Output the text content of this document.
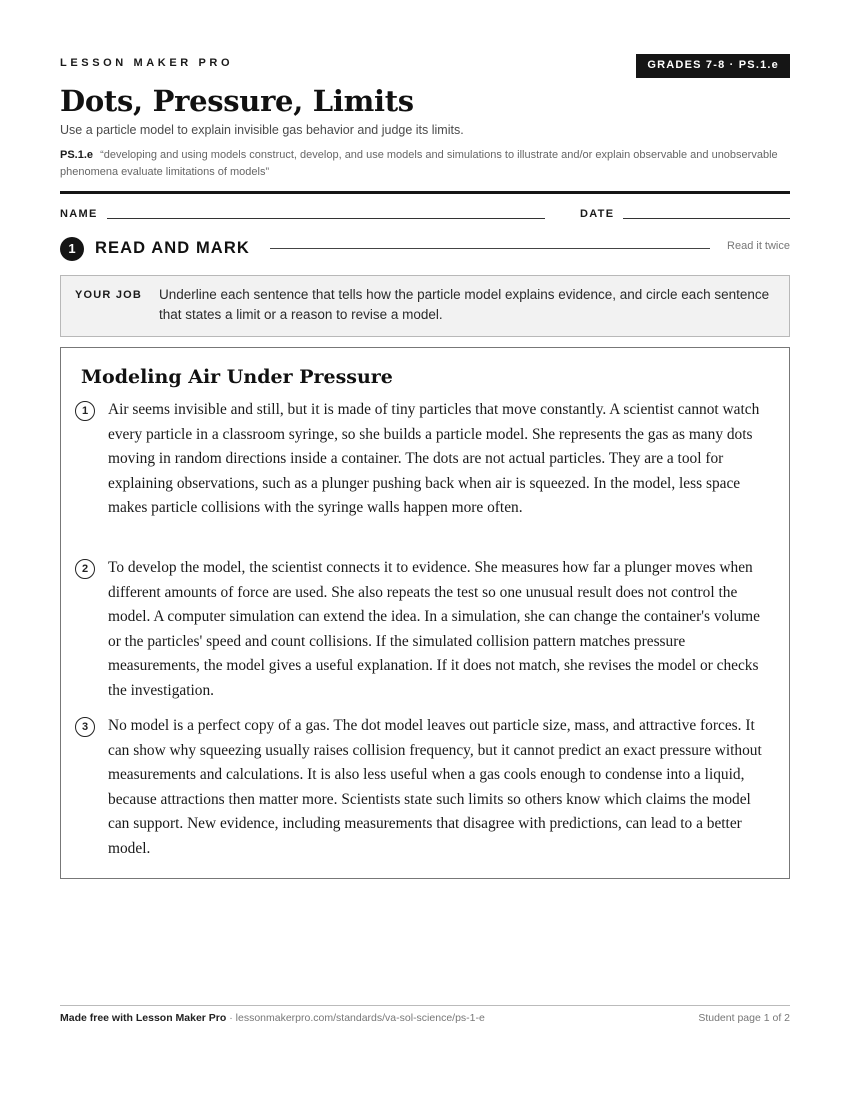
LESSON MAKER PRO	GRADES 7-8 · PS.1.e
Dots, Pressure, Limits
Use a particle model to explain invisible gas behavior and judge its limits.
PS.1.e “developing and using models construct, develop, and use models and simulations to illustrate and/or explain observable and unobservable phenomena evaluate limitations of models”
NAME	DATE
1	READ AND MARK	Read it twice
YOUR JOB Underline each sentence that tells how the particle model explains evidence, and circle each sentence that states a limit or a reason to revise a model.
Modeling Air Under Pressure
1	Air seems invisible and still, but it is made of tiny particles that move constantly. A scientist cannot watch every particle in a classroom syringe, so she builds a particle model. She represents the gas as many dots moving in random directions inside a container. The dots are not actual particles. They are a tool for explaining observations, such as a plunger pushing back when air is squeezed. In the model, less space makes particle collisions with the syringe walls happen more often.

2	To develop the model, the scientist connects it to evidence. She measures how far a plunger moves when different amounts of force are used. She also repeats the test so one unusual result does not control the model. A computer simulation can extend the idea. In a simulation, she can change the container's volume or the particles' speed and count collisions. If the simulated collision pattern matches pressure measurements, the model gives a useful explanation. If it does not match, she revises the model or checks the investigation.

3	No model is a perfect copy of a gas. The dot model leaves out particle size, mass, and attractive forces. It can show why squeezing usually raises collision frequency, but it cannot predict an exact pressure without measurements and calculations. It is also less useful when a gas cools enough to condense into a liquid, because attractions then matter more. Scientists state such limits so others know which claims the model can support. New evidence, including measurements that disagree with predictions, can lead to a better model.

Made free with Lesson Maker Pro · lessonmakerpro.com/standards/va-sol-science/ps-1-e	Student page 1 of 2
